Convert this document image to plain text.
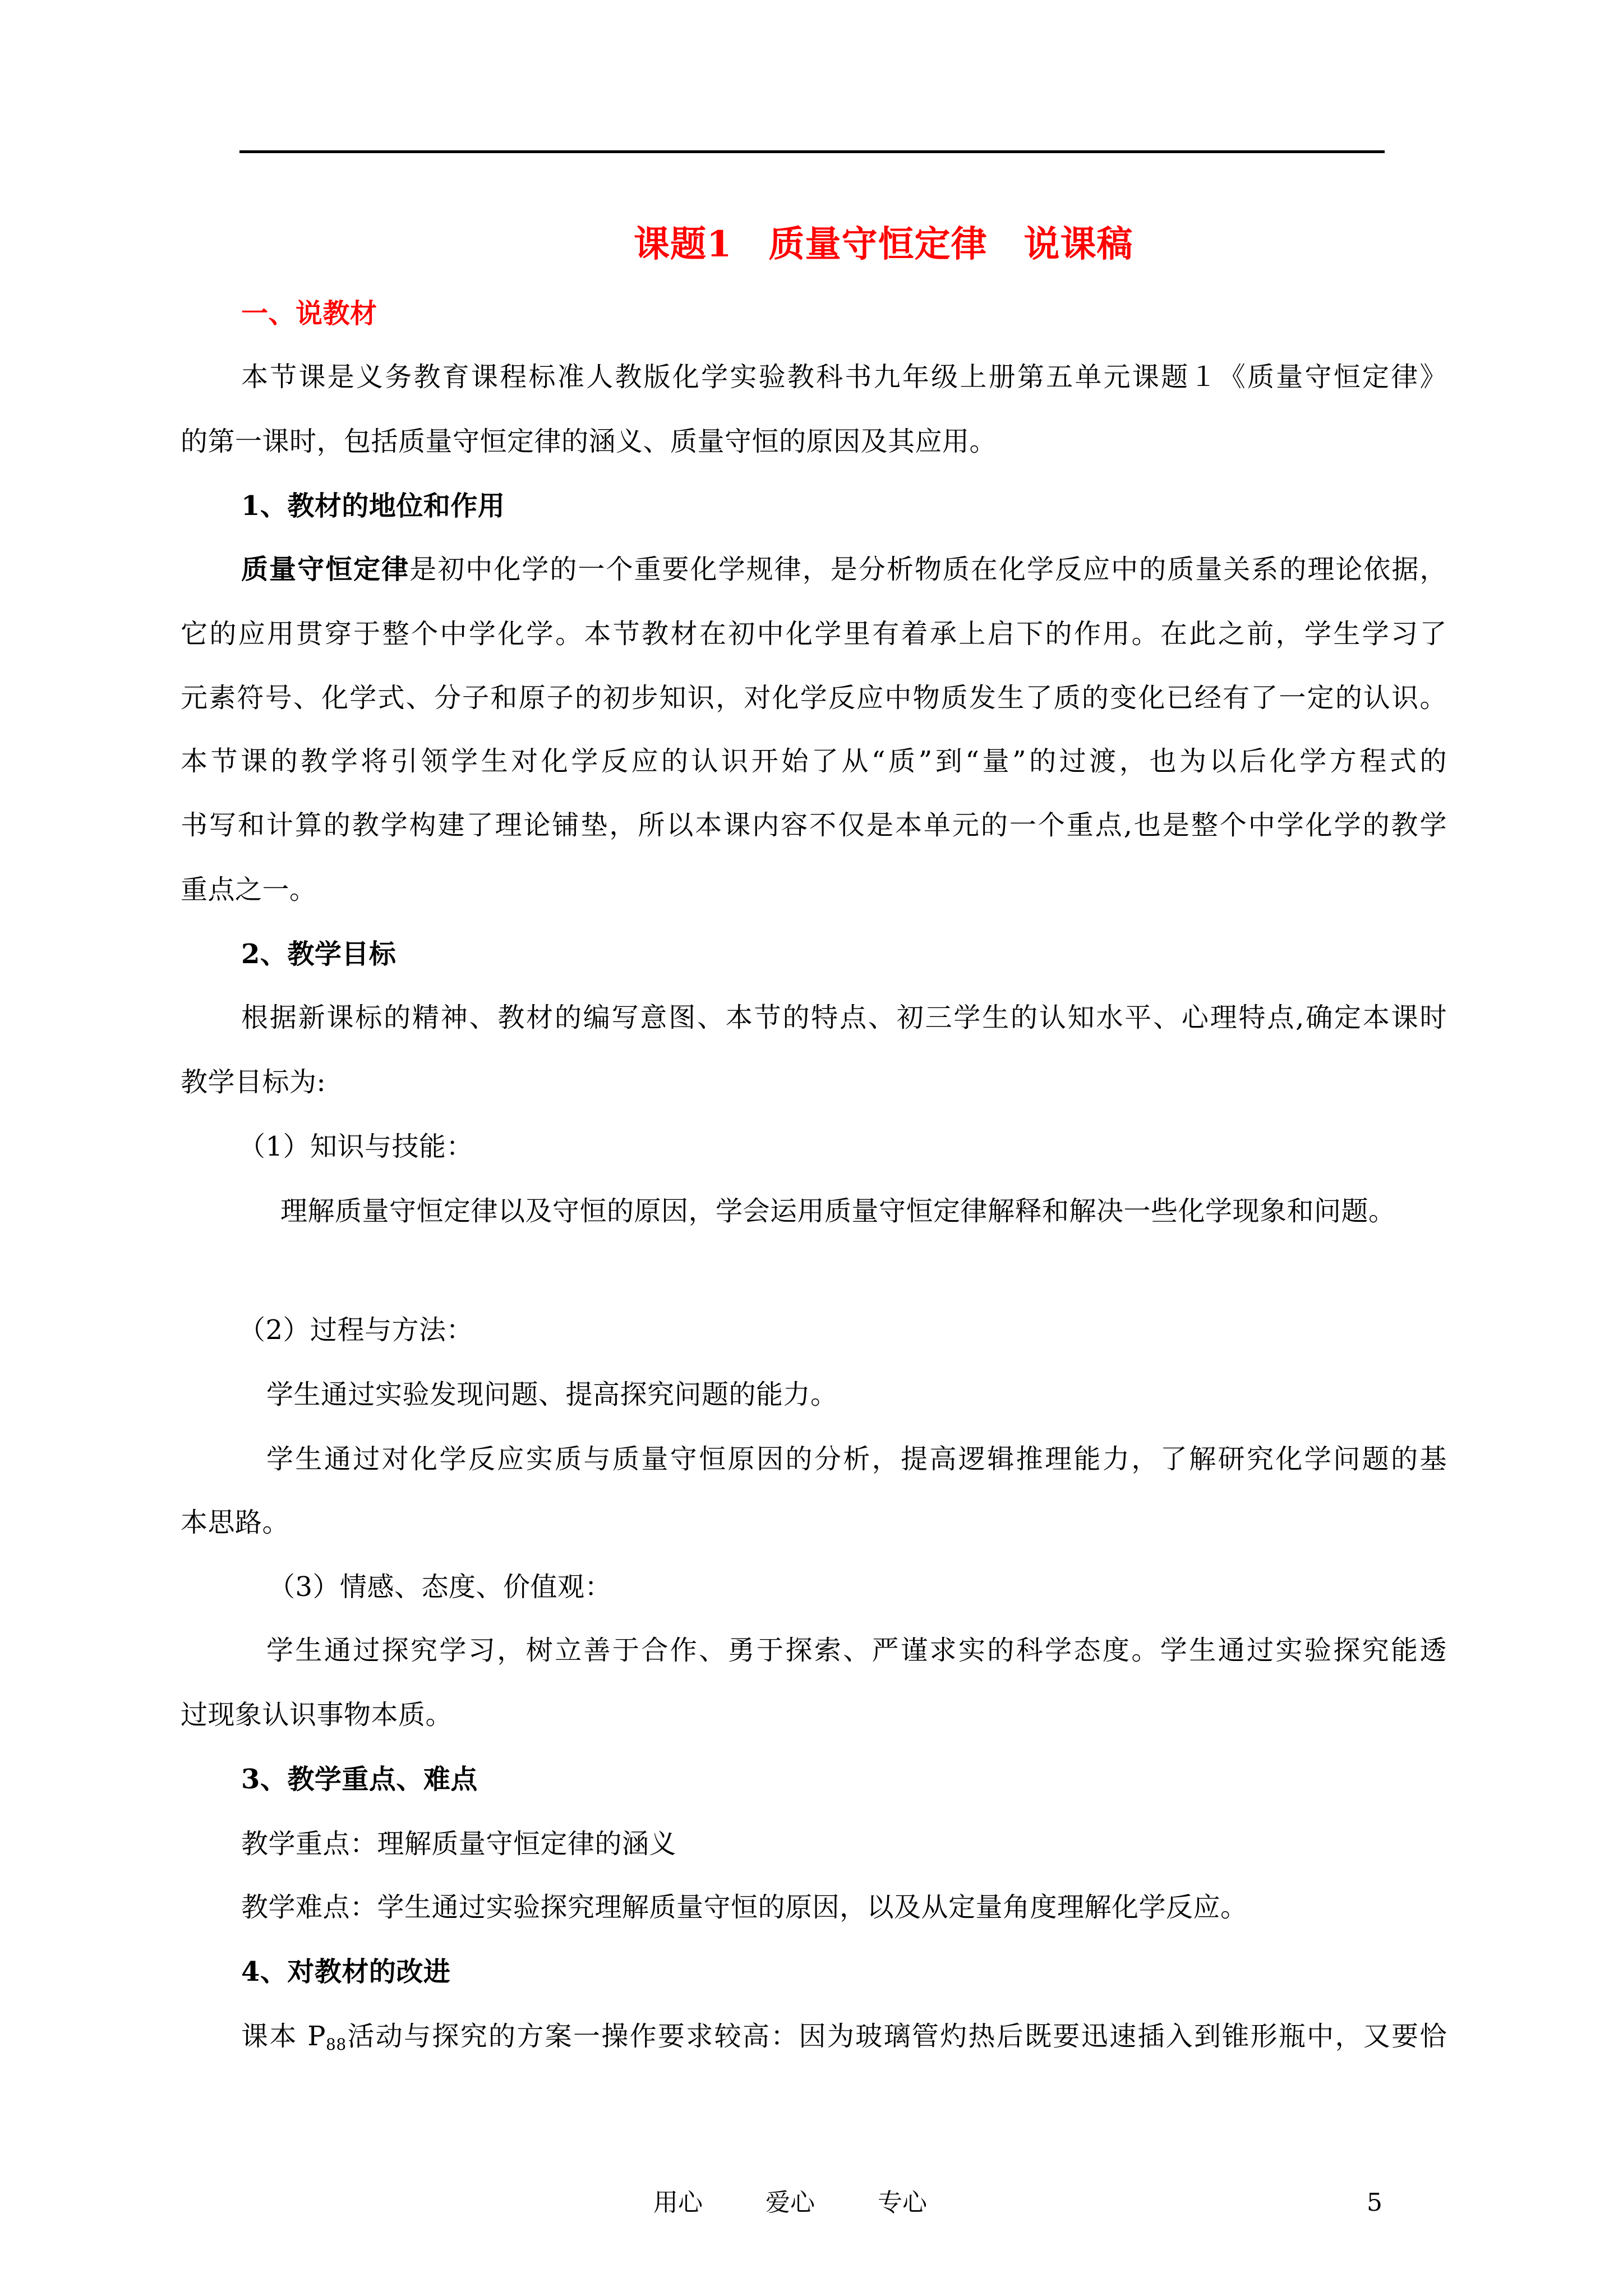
课题1　质量守恒定律　说课稿
一、说教材
本节课是义务教育课程标准人教版化学实验教科书九年级上册第五单元课题１《质量守恒定律》
的第一课时，包括质量守恒定律的涵义、质量守恒的原因及其应用。
1、教材的地位和作用
质量守恒定律是初中化学的一个重要化学规律，是分析物质在化学反应中的质量关系的理论依据，
它的应用贯穿于整个中学化学。本节教材在初中化学里有着承上启下的作用。在此之前，学生学习了
元素符号、化学式、分子和原子的初步知识，对化学反应中物质发生了质的变化已经有了一定的认识。
本节课的教学将引领学生对化学反应的认识开始了从“质”到“量”的过渡，也为以后化学方程式的
书写和计算的教学构建了理论铺垫，所以本课内容不仅是本单元的一个重点,也是整个中学化学的教学
重点之一。
2、教学目标
根据新课标的精神、教材的编写意图、本节的特点、初三学生的认知水平、心理特点,确定本课时
教学目标为:
（1）知识与技能：
理解质量守恒定律以及守恒的原因，学会运用质量守恒定律解释和解决一些化学现象和问题。
（2）过程与方法：
学生通过实验发现问题、提高探究问题的能力。
学生通过对化学反应实质与质量守恒原因的分析，提高逻辑推理能力，了解研究化学问题的基
本思路。
（3）情感、态度、价值观：
学生通过探究学习，树立善于合作、勇于探索、严谨求实的科学态度。学生通过实验探究能透
过现象认识事物本质。
3、教学重点、难点
教学重点：理解质量守恒定律的涵义
教学难点：学生通过实验探究理解质量守恒的原因，以及从定量角度理解化学反应。
4、对教材的改进
课本 $P_{88}$活动与探究的方案一操作要求较高：因为玻璃管灼热后既要迅速插入到锥形瓶中，又要恰
用心	爱心	专心	5
